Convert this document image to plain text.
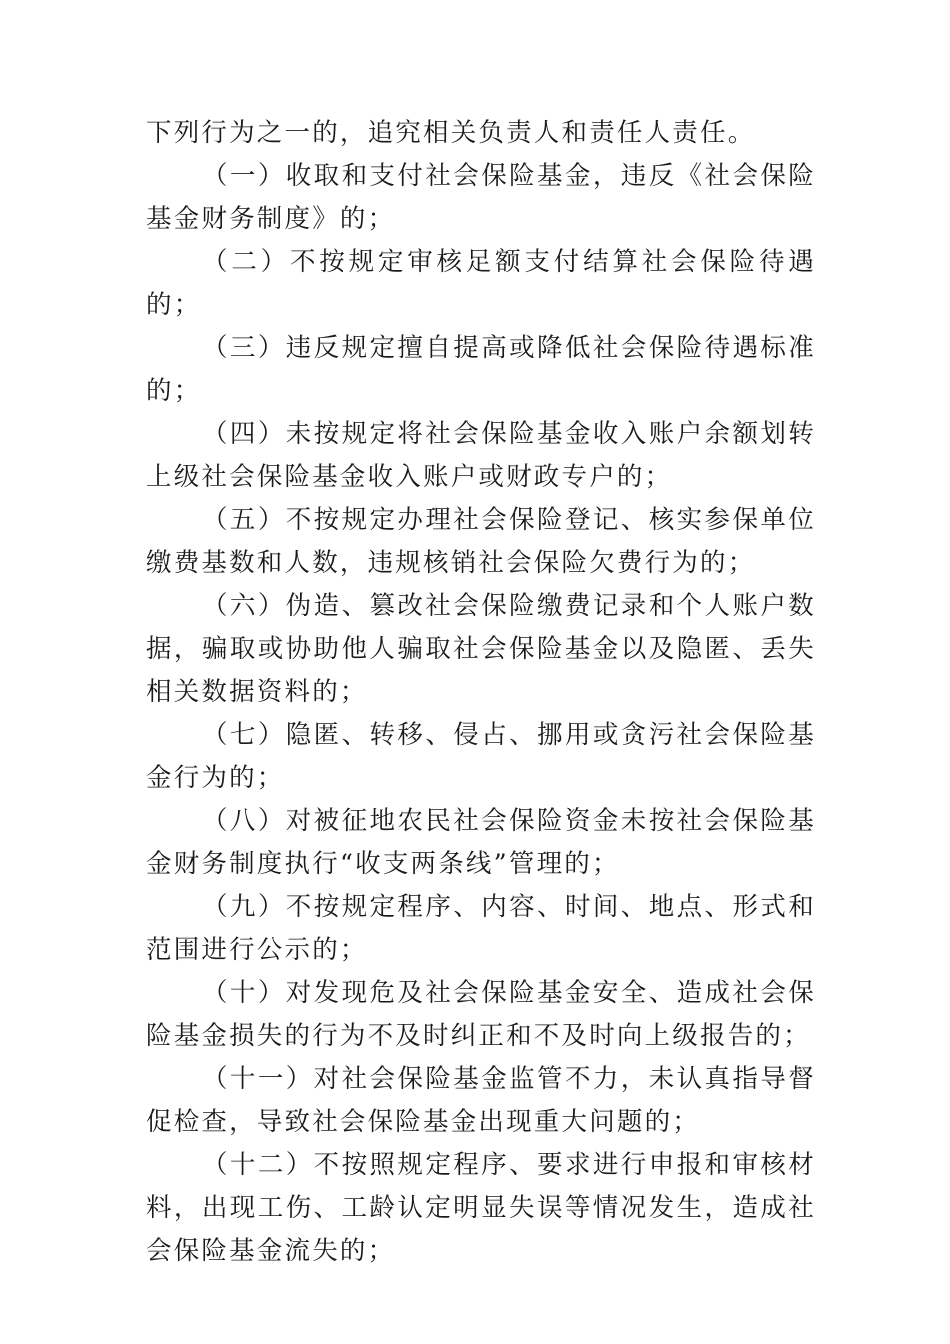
下列行为之一的，追究相关负责人和责任人责任。

（一）收取和支付社会保险基金，违反《社会保险基金财务制度》的；

（二）不按规定审核足额支付结算社会保险待遇的；

（三）违反规定擅自提高或降低社会保险待遇标准的；

（四）未按规定将社会保险基金收入账户余额划转上级社会保险基金收入账户或财政专户的；

（五）不按规定办理社会保险登记、核实参保单位缴费基数和人数，违规核销社会保险欠费行为的；

（六）伪造、篡改社会保险缴费记录和个人账户数据，骗取或协助他人骗取社会保险基金以及隐匿、丢失相关数据资料的；

（七）隐匿、转移、侵占、挪用或贪污社会保险基金行为的；

（八）对被征地农民社会保险资金未按社会保险基金财务制度执行“收支两条线”管理的；

（九）不按规定程序、内容、时间、地点、形式和范围进行公示的；

（十）对发现危及社会保险基金安全、造成社会保险基金损失的行为不及时纠正和不及时向上级报告的；

（十一）对社会保险基金监管不力，未认真指导督促检查，导致社会保险基金出现重大问题的；

（十二）不按照规定程序、要求进行申报和审核材料，出现工伤、工龄认定明显失误等情况发生，造成社会保险基金流失的；
